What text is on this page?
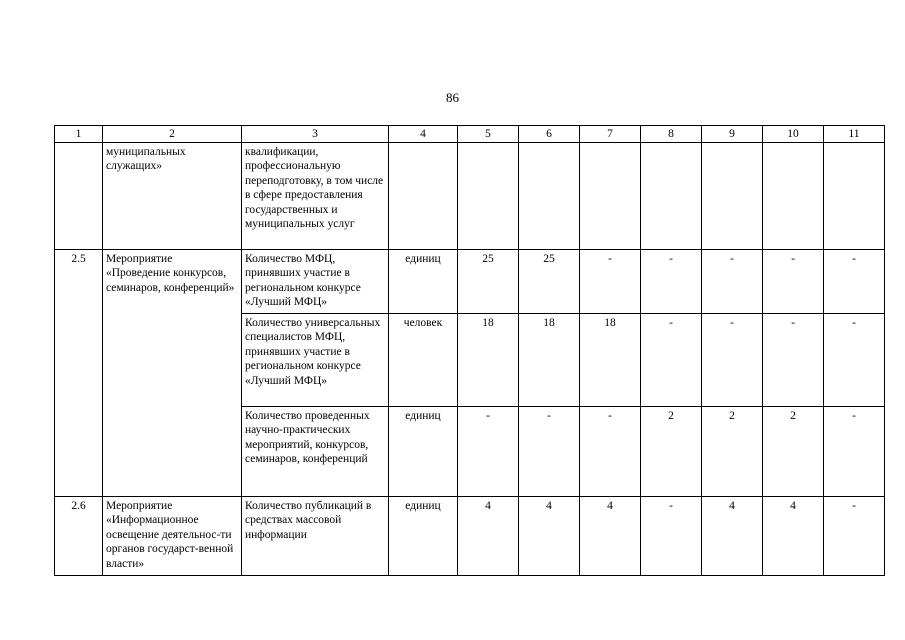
86
1	2	3	4	5	6	7	8	9	10	11
	муниципальных служащих»	квалификации, профессиональную переподготовку, в том числе в сфере предоставления государственных и муниципальных услуг								
2.5	Мероприятие «Проведение конкурсов, семинаров, конференций»	Количество МФЦ, принявших участие в региональном конкурсе «Лучший МФЦ»	единиц	25	25	-	-	-	-	-
		Количество универсальных специалистов МФЦ, принявших участие в региональном конкурсе «Лучший МФЦ»	человек	18	18	18	-	-	-	-
		Количество проведенных научно-практических мероприятий, конкурсов, семинаров, конференций	единиц	-	-	-	2	2	2	-
2.6	Мероприятие «Информационное освещение деятельнос-ти органов государст-венной власти»	Количество публикаций в средствах массовой информации	единиц	4	4	4	-	4	4	-
